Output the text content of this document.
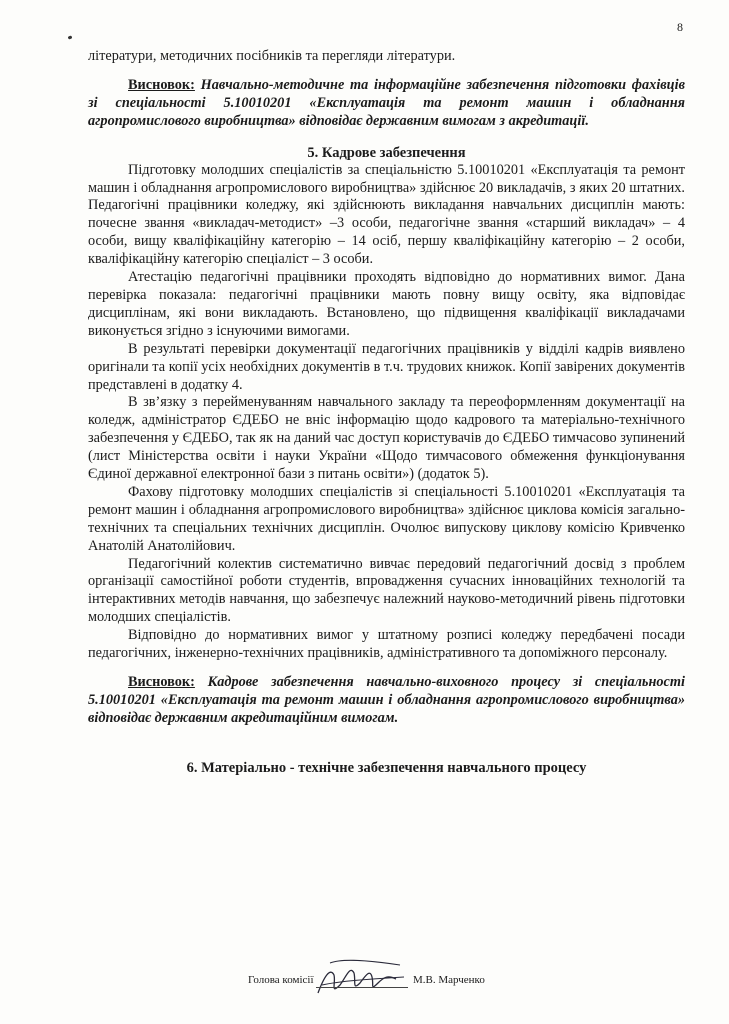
8

літератури, методичних посібників та перегляди літератури.

Висновок: Навчально-методичне та інформаційне забезпечення підготовки фахівців зі спеціальності 5.10010201 «Експлуатація та ремонт машин і обладнання агропромислового виробництва» відповідає державним вимогам з акредитації.

5. Кадрове забезпечення

Підготовку молодших спеціалістів за спеціальністю 5.10010201 «Експлуатація та ремонт машин і обладнання агропромислового виробництва» здійснює 20 викладачів, з яких 20 штатних. Педагогічні працівники коледжу, які здійснюють викладання навчальних дисциплін мають: почесне звання «викладач-методист» –3 особи, педагогічне звання «старший викладач» – 4 особи, вищу кваліфікаційну категорію – 14 осіб, першу кваліфікаційну категорію – 2 особи, кваліфікаційну категорію спеціаліст – 3 особи.

Атестацію педагогічні працівники проходять відповідно до нормативних вимог. Дана перевірка показала: педагогічні працівники мають повну вищу освіту, яка відповідає дисциплінам, які вони викладають. Встановлено, що підвищення кваліфікації викладачами виконується згідно з існуючими вимогами.

В результаті перевірки документації педагогічних працівників у відділі кадрів виявлено оригінали та копії усіх необхідних документів в т.ч. трудових книжок. Копії завірених документів представлені в додатку 4.

В зв’язку з перейменуванням навчального закладу та переоформленням документації на коледж, адміністратор ЄДЕБО не вніс інформацію щодо кадрового та матеріально-технічного забезпечення у ЄДЕБО, так як на даний час доступ користувачів до ЄДЕБО тимчасово зупинений (лист Міністерства освіти і науки України «Щодо тимчасового обмеження функціонування Єдиної державної електронної бази з питань освіти») (додаток 5).

Фахову підготовку молодших спеціалістів зі спеціальності 5.10010201 «Експлуатація та ремонт машин і обладнання агропромислового виробництва» здійснює циклова комісія загально-технічних та спеціальних технічних дисциплін. Очолює випускову циклову комісію Кривченко Анатолій Анатолійович.

Педагогічний колектив систематично вивчає передовий педагогічний досвід з проблем організації самостійної роботи студентів, впровадження сучасних інноваційних технологій та інтерактивних методів навчання, що забезпечує належний науково-методичний рівень підготовки молодших спеціалістів.

Відповідно до нормативних вимог у штатному розписі коледжу передбачені посади педагогічних, інженерно-технічних працівників, адміністративного та допоміжного персоналу.

Висновок: Кадрове забезпечення навчально-виховного процесу зі спеціальності 5.10010201 «Експлуатація та ремонт машин і обладнання агропромислового виробництва» відповідає державним акредитаційним вимогам.

6. Матеріально - технічне забезпечення навчального процесу
Голова комісії	М.В. Марченко
